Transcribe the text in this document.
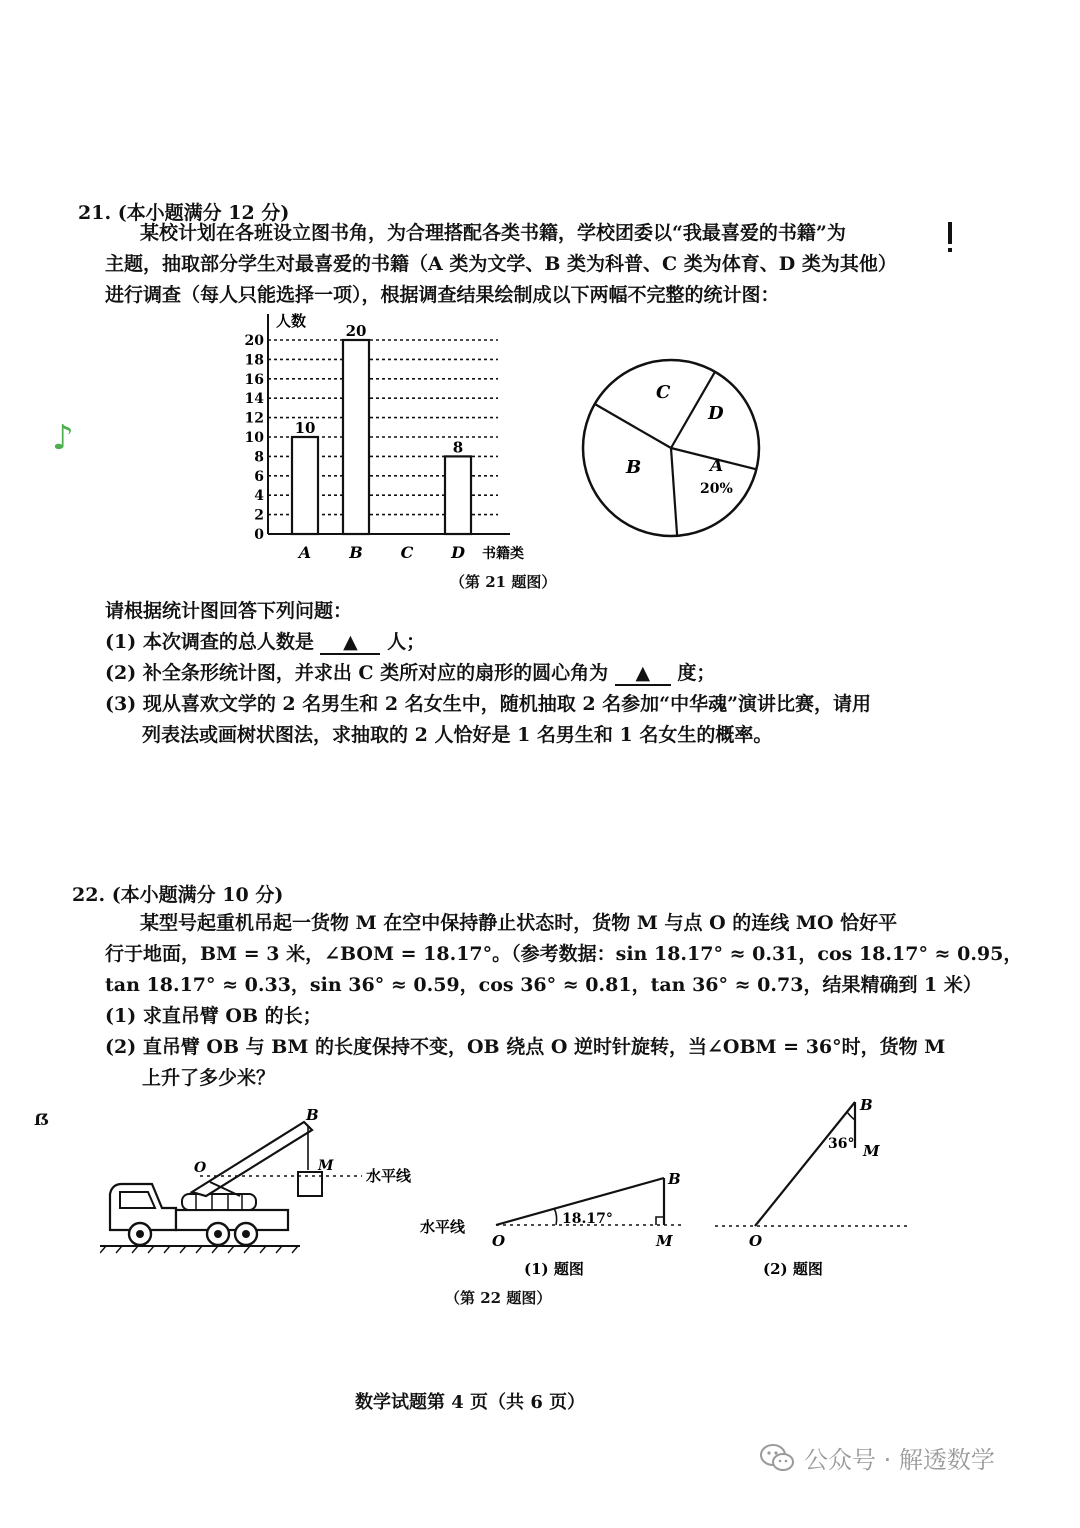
21. (本小题满分 12 分)
某校计划在各班设立图书角，为合理搭配各类书籍，学校团委以“我最喜爱的书籍”为
主题，抽取部分学生对最喜爱的书籍（A 类为文学、B 类为科普、C 类为体育、D 类为其他）
进行调查（每人只能选择一项），根据调查结果绘制成以下两幅不完整的统计图：
♪
0
2
4
6
8
10
12
14
16
18
20
10
20
8
A B C D
人数
书籍类
C
D
B	A
20%
（第 21 题图）
请根据统计图回答下列问题：
(1) 本次调查的总人数是 ▲ 人；
(2) 补全条形统计图，并求出 C 类所对应的扇形的圆心角为 ▲ 度；
(3) 现从喜欢文学的 2 名男生和 2 名女生中，随机抽取 2 名参加“中华魂”演讲比赛，请用
列表法或画树状图法，求抽取的 2 人恰好是 1 名男生和 1 名女生的概率。
22. (本小题满分 10 分)
某型号起重机吊起一货物 M 在空中保持静止状态时，货物 M 与点 O 的连线 MO 恰好平
行于地面，BM = 3 米，∠BOM = 18.17°。（参考数据：sin 18.17° ≈ 0.31，cos 18.17° ≈ 0.95，
tan 18.17° ≈ 0.33，sin 36° ≈ 0.59，cos 36° ≈ 0.81，tan 36° ≈ 0.73，结果精确到 1 米）
(1) 求直吊臂 OB 的长；
(2) 直吊臂 OB 与 BM 的长度保持不变，OB 绕点 O 逆时针旋转，当∠OBM = 36°时，货物 M
上升了多少米？
ẞ	B
O	M
水平线
水平线
O	M
B
18.17°
(1) 题图
O
B
M
36°
(2) 题图
（第 22 题图）
数学试题第 4 页（共 6 页）
公众号 · 解透数学
